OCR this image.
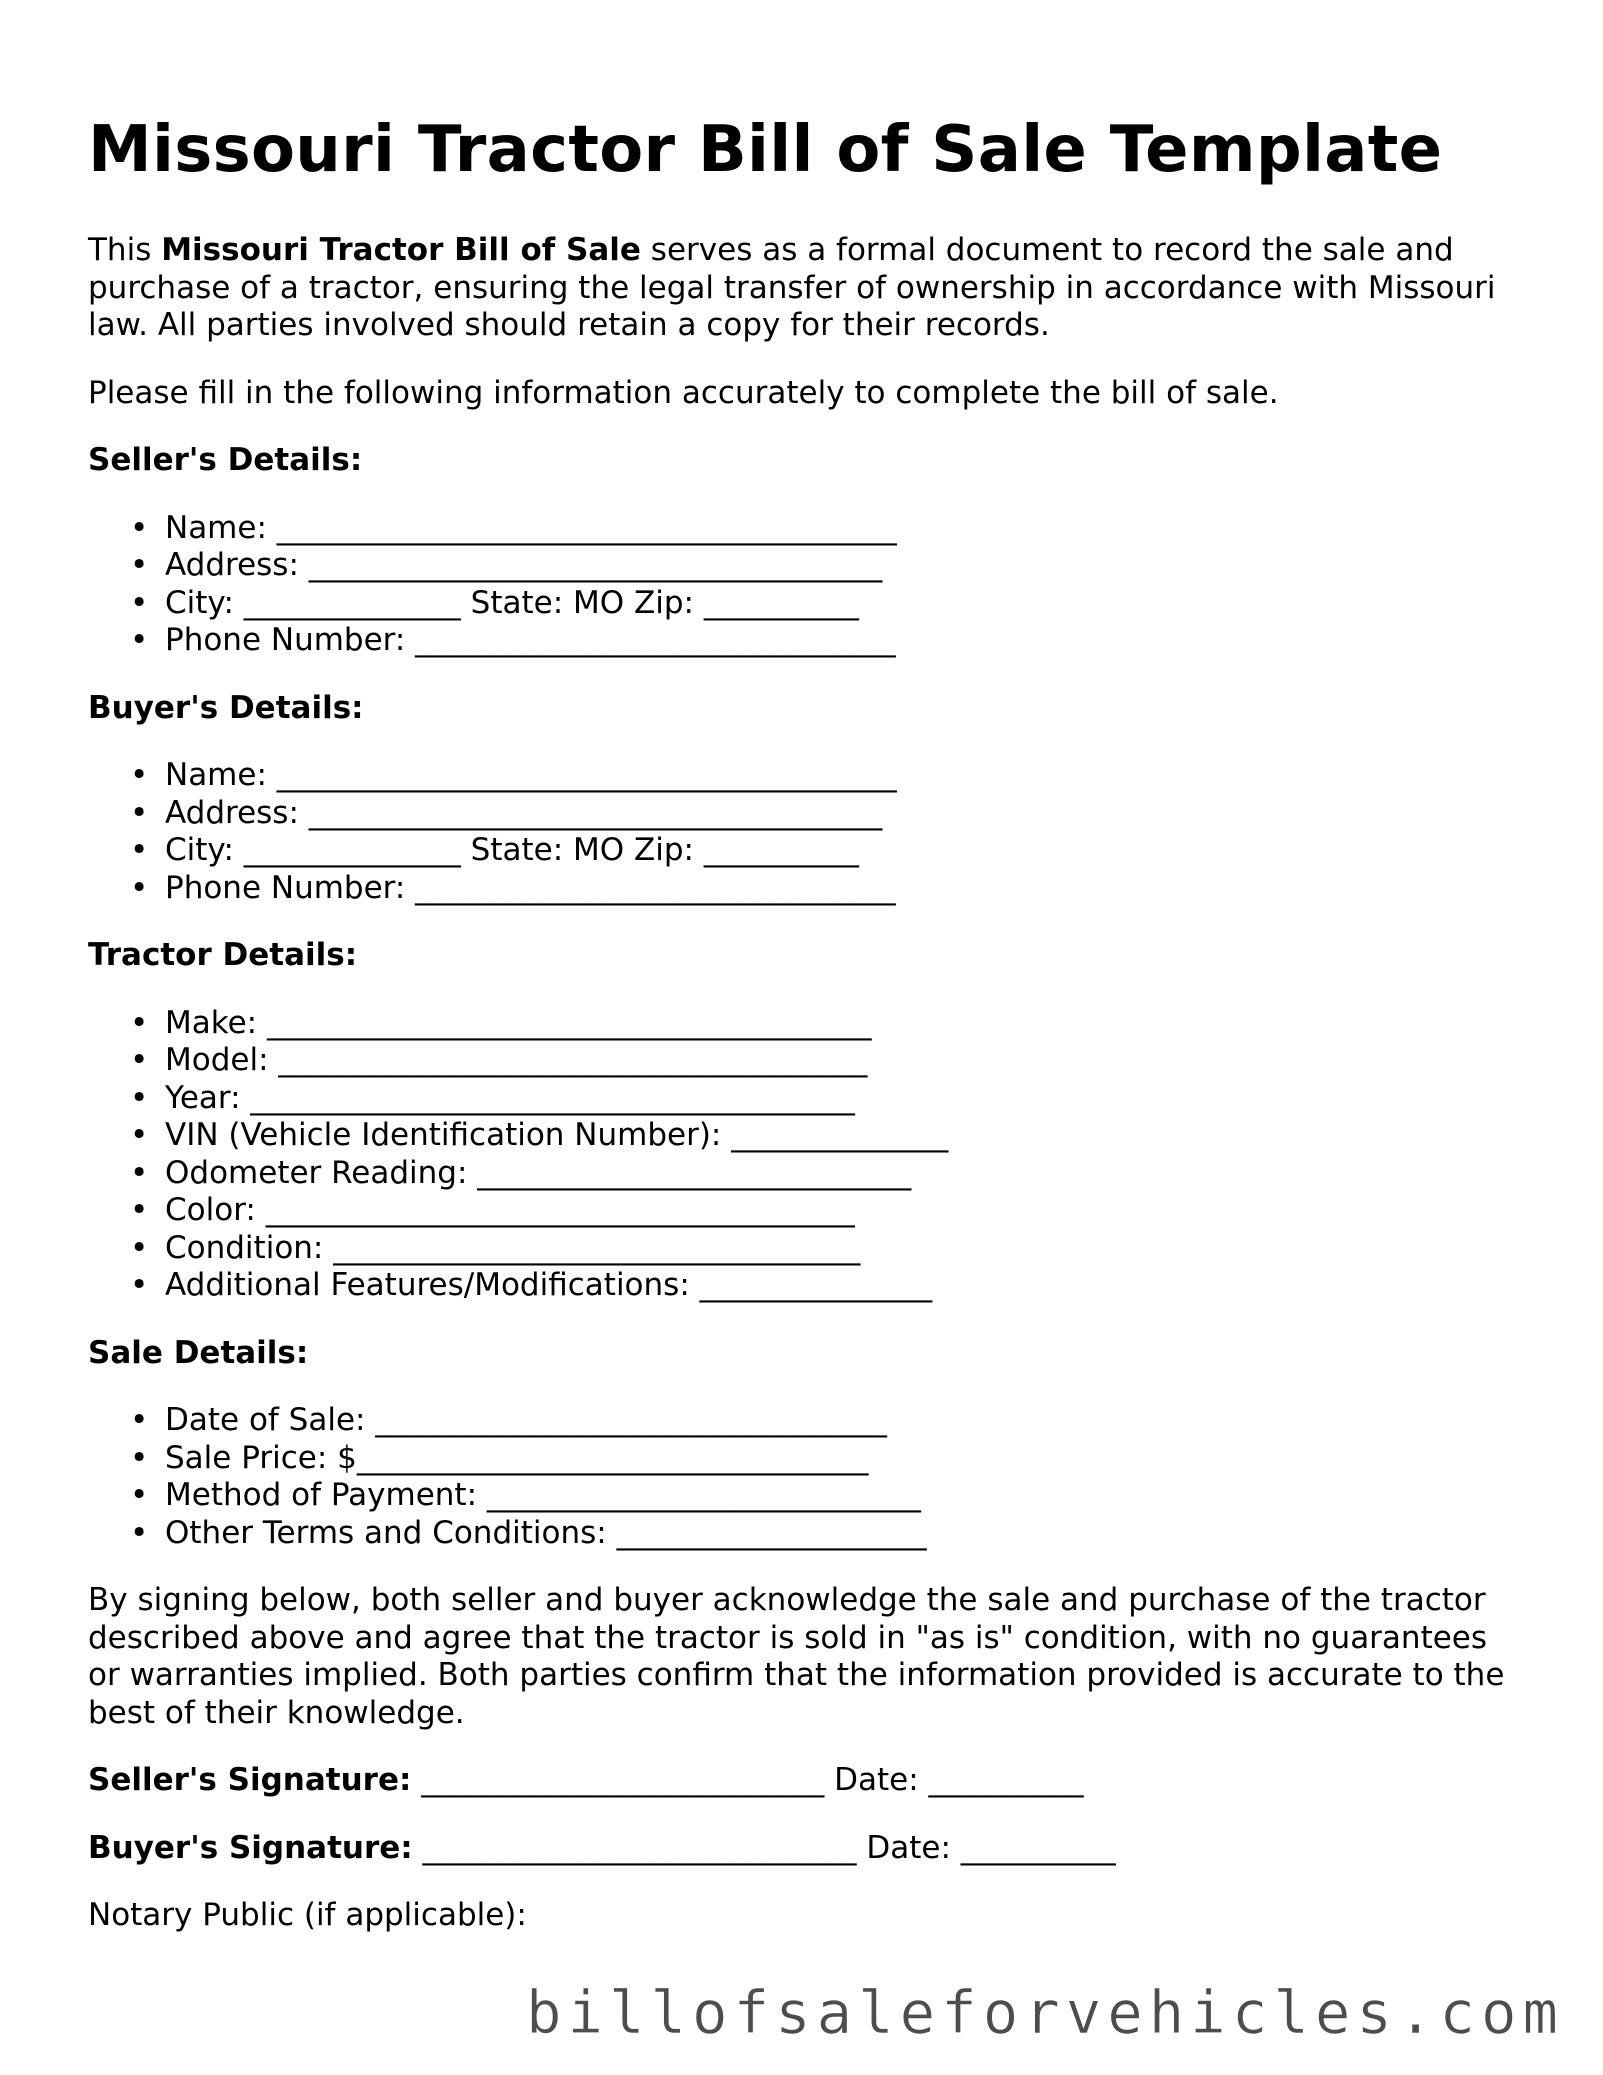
Missouri Tractor Bill of Sale Template

This Missouri Tractor Bill of Sale serves as a formal document to record the sale and purchase of a tractor, ensuring the legal transfer of ownership in accordance with Missouri law. All parties involved should retain a copy for their records.

Please fill in the following information accurately to complete the bill of sale.

Seller's Details:
• Name: ________________________________________
• Address: _____________________________________
• City: ______________ State: MO Zip: __________
• Phone Number: _______________________________
Buyer's Details:
• Name: ________________________________________
• Address: _____________________________________
• City: ______________ State: MO Zip: __________
• Phone Number: _______________________________
Tractor Details:
• Make: _______________________________________
• Model: ______________________________________
• Year: _______________________________________
• VIN (Vehicle Identification Number): ______________
• Odometer Reading: ____________________________
• Color: ______________________________________
• Condition: __________________________________
• Additional Features/Modifications: _______________
Sale Details:
• Date of Sale: _________________________________
• Sale Price: $_________________________________
• Method of Payment: ____________________________
• Other Terms and Conditions: ____________________

By signing below, both seller and buyer acknowledge the sale and purchase of the tractor described above and agree that the tractor is sold in "as is" condition, with no guarantees or warranties implied. Both parties confirm that the information provided is accurate to the best of their knowledge.

Seller's Signature: __________________________ Date: __________
Buyer's Signature: ____________________________ Date: __________

Notary Public (if applicable):

billofsaleforvehicles.com
